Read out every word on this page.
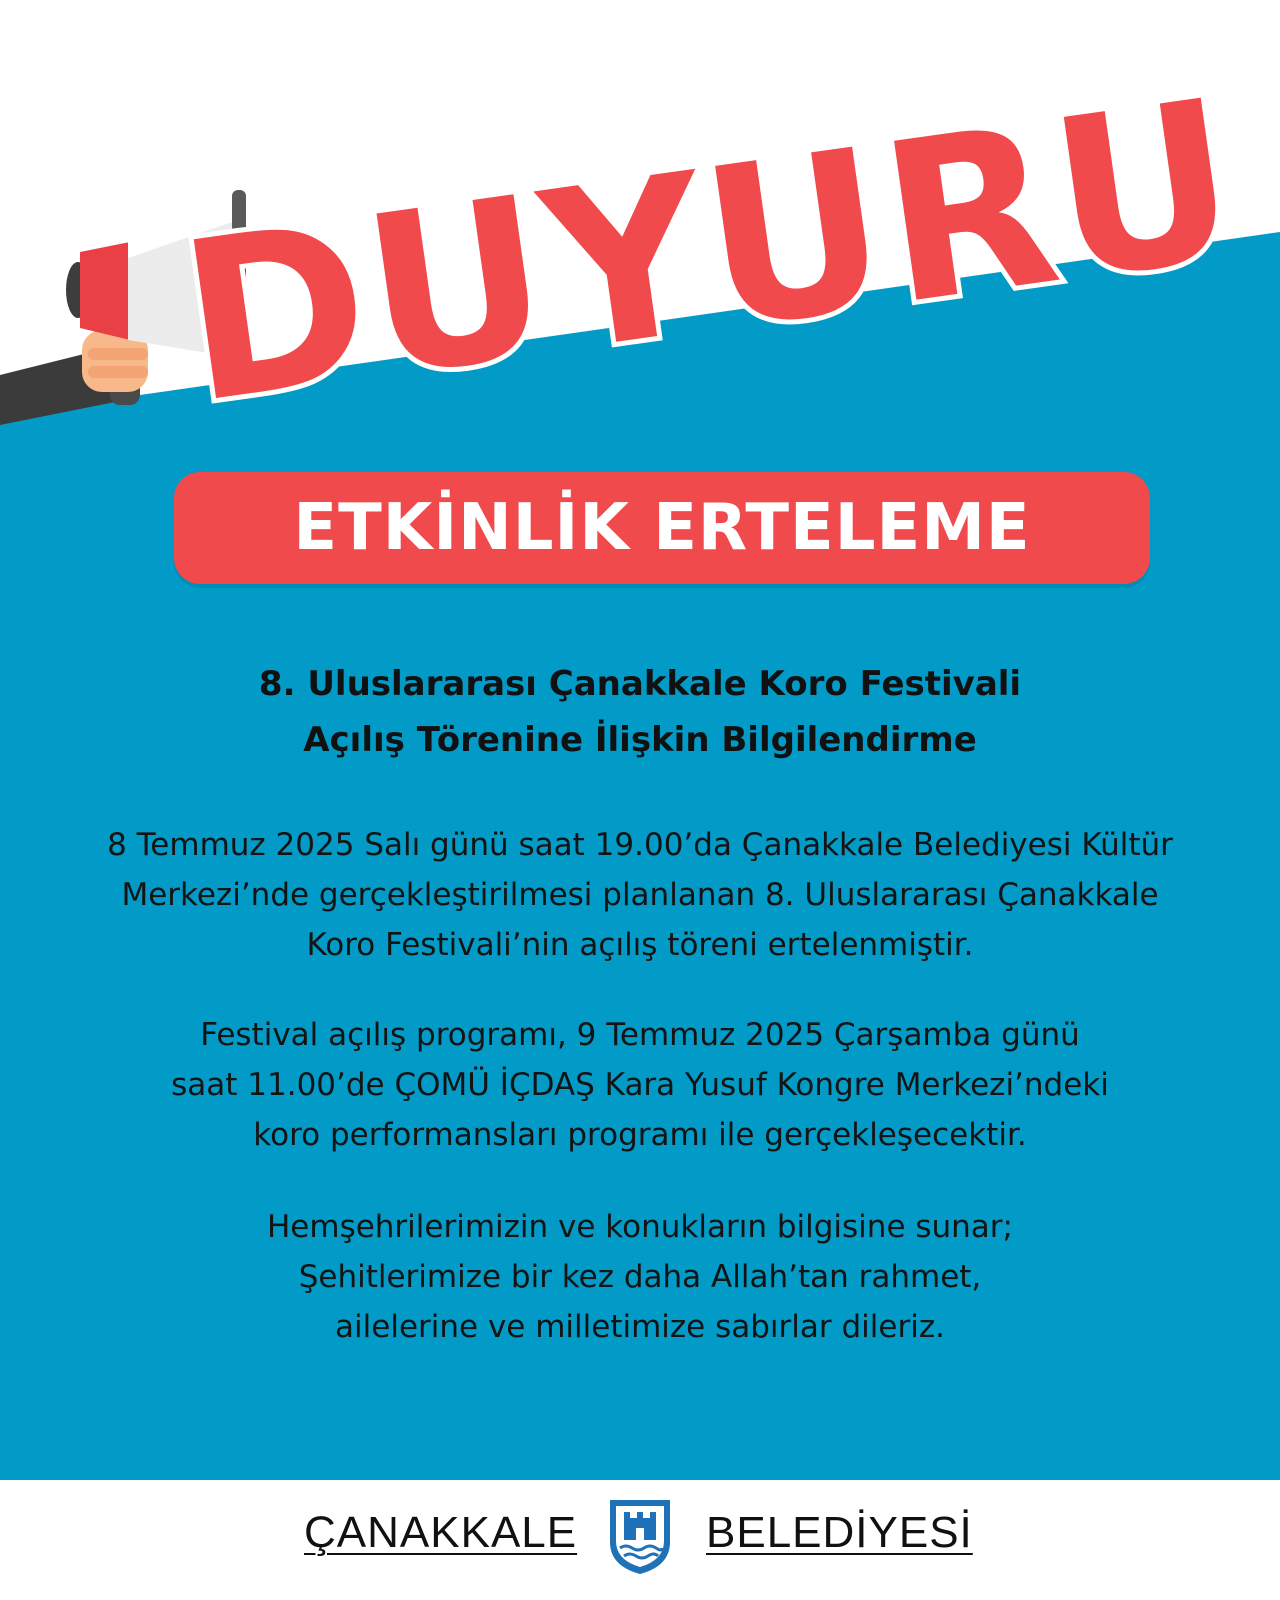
DUYURU
ETKİNLİK ERTELEME
8. Uluslararası Çanakkale Koro Festivali
Açılış Törenine İlişkin Bilgilendirme
8 Temmuz 2025 Salı günü saat 19.00’da Çanakkale Belediyesi Kültür
Merkezi’nde gerçekleştirilmesi planlanan 8. Uluslararası Çanakkale
Koro Festivali’nin açılış töreni ertelenmiştir.
Festival açılış programı, 9 Temmuz 2025 Çarşamba günü
saat 11.00’de ÇOMÜ İÇDAŞ Kara Yusuf Kongre Merkezi’ndeki
koro performansları programı ile gerçekleşecektir.
Hemşehrilerimizin ve konukların bilgisine sunar;
Şehitlerimize bir kez daha Allah’tan rahmet,
ailelerine ve milletimize sabırlar dileriz.
ÇANAKKALE	BELEDİYESİ
